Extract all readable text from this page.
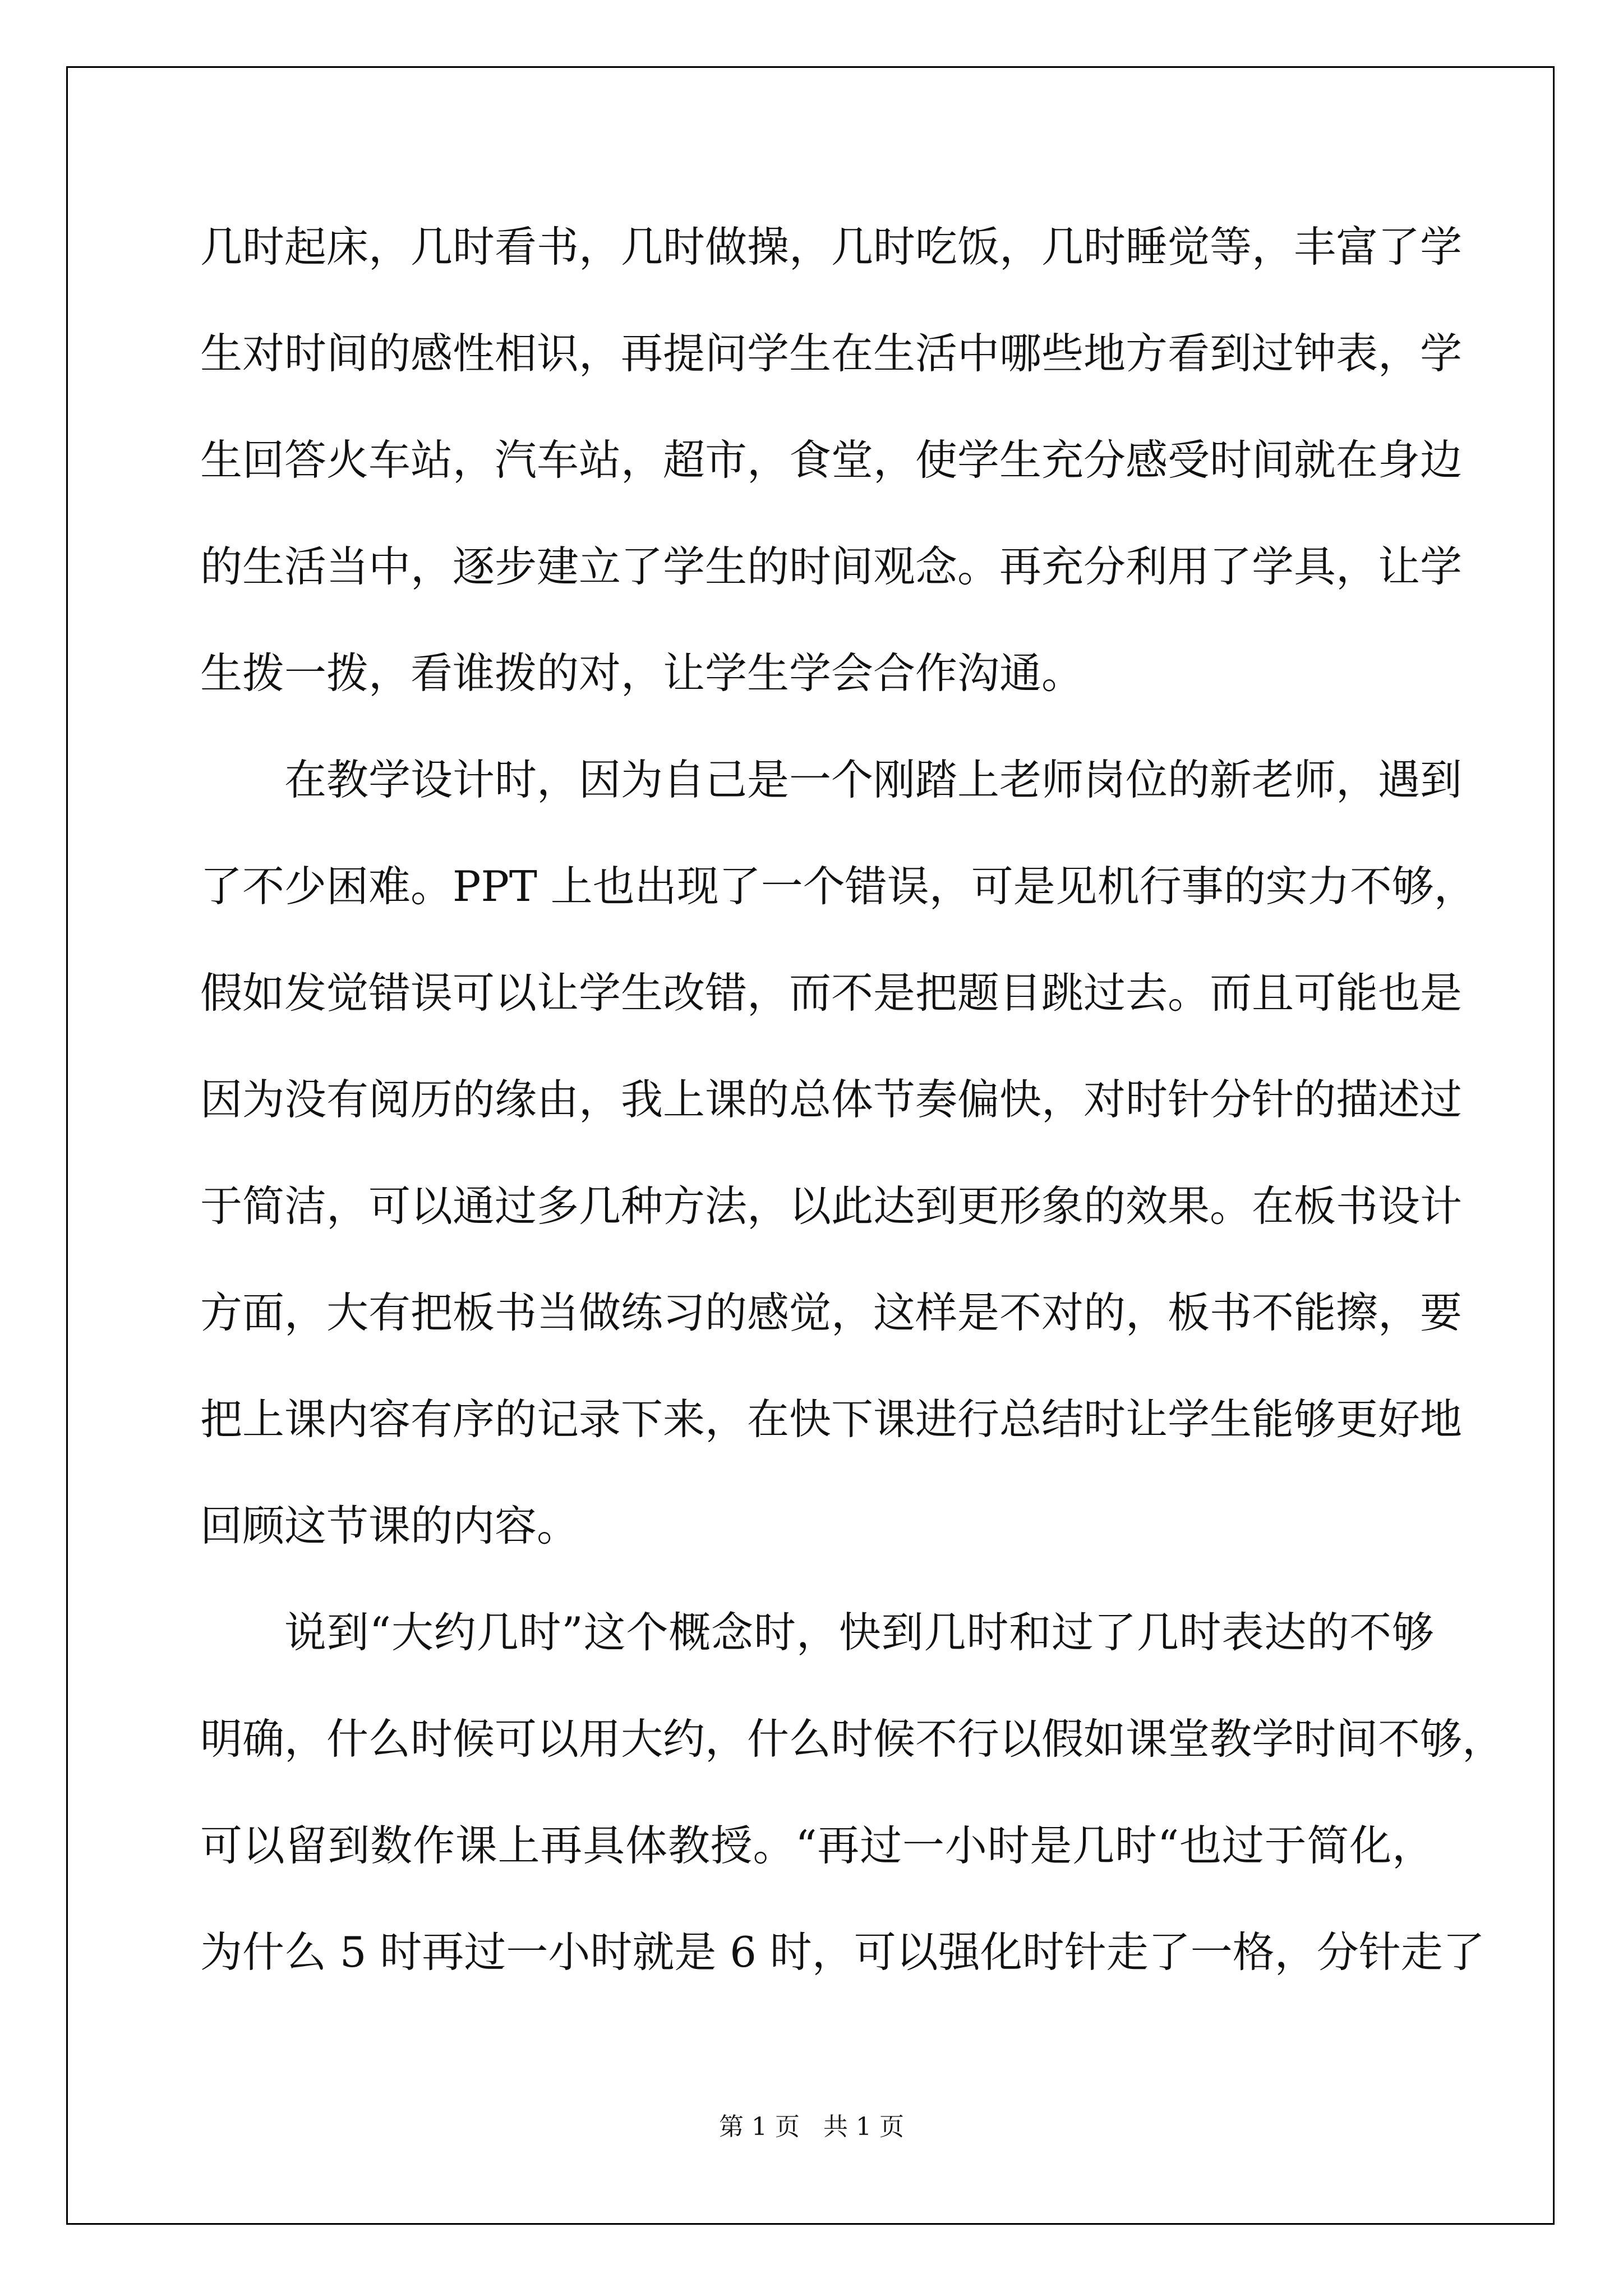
几时起床，几时看书，几时做操，几时吃饭，几时睡觉等，丰富了学
生对时间的感性相识，再提问学生在生活中哪些地方看到过钟表，学
生回答火车站，汽车站，超市，食堂，使学生充分感受时间就在身边
的生活当中，逐步建立了学生的时间观念。再充分利用了学具，让学
生拨一拨，看谁拨的对，让学生学会合作沟通。
在教学设计时，因为自己是一个刚踏上老师岗位的新老师，遇到
了不少困难。PPT 上也出现了一个错误，可是见机行事的实力不够，
假如发觉错误可以让学生改错，而不是把题目跳过去。而且可能也是
因为没有阅历的缘由，我上课的总体节奏偏快，对时针分针的描述过
于简洁，可以通过多几种方法，以此达到更形象的效果。在板书设计
方面，大有把板书当做练习的感觉，这样是不对的，板书不能擦，要
把上课内容有序的记录下来，在快下课进行总结时让学生能够更好地
回顾这节课的内容。
说到“大约几时”这个概念时，快到几时和过了几时表达的不够
明确，什么时候可以用大约，什么时候不行以假如课堂教学时间不够，
可以留到数作课上再具体教授。“再过一小时是几时“也过于简化，
为什么 5 时再过一小时就是 6 时，可以强化时针走了一格，分针走了
第 1 页   共 1 页
